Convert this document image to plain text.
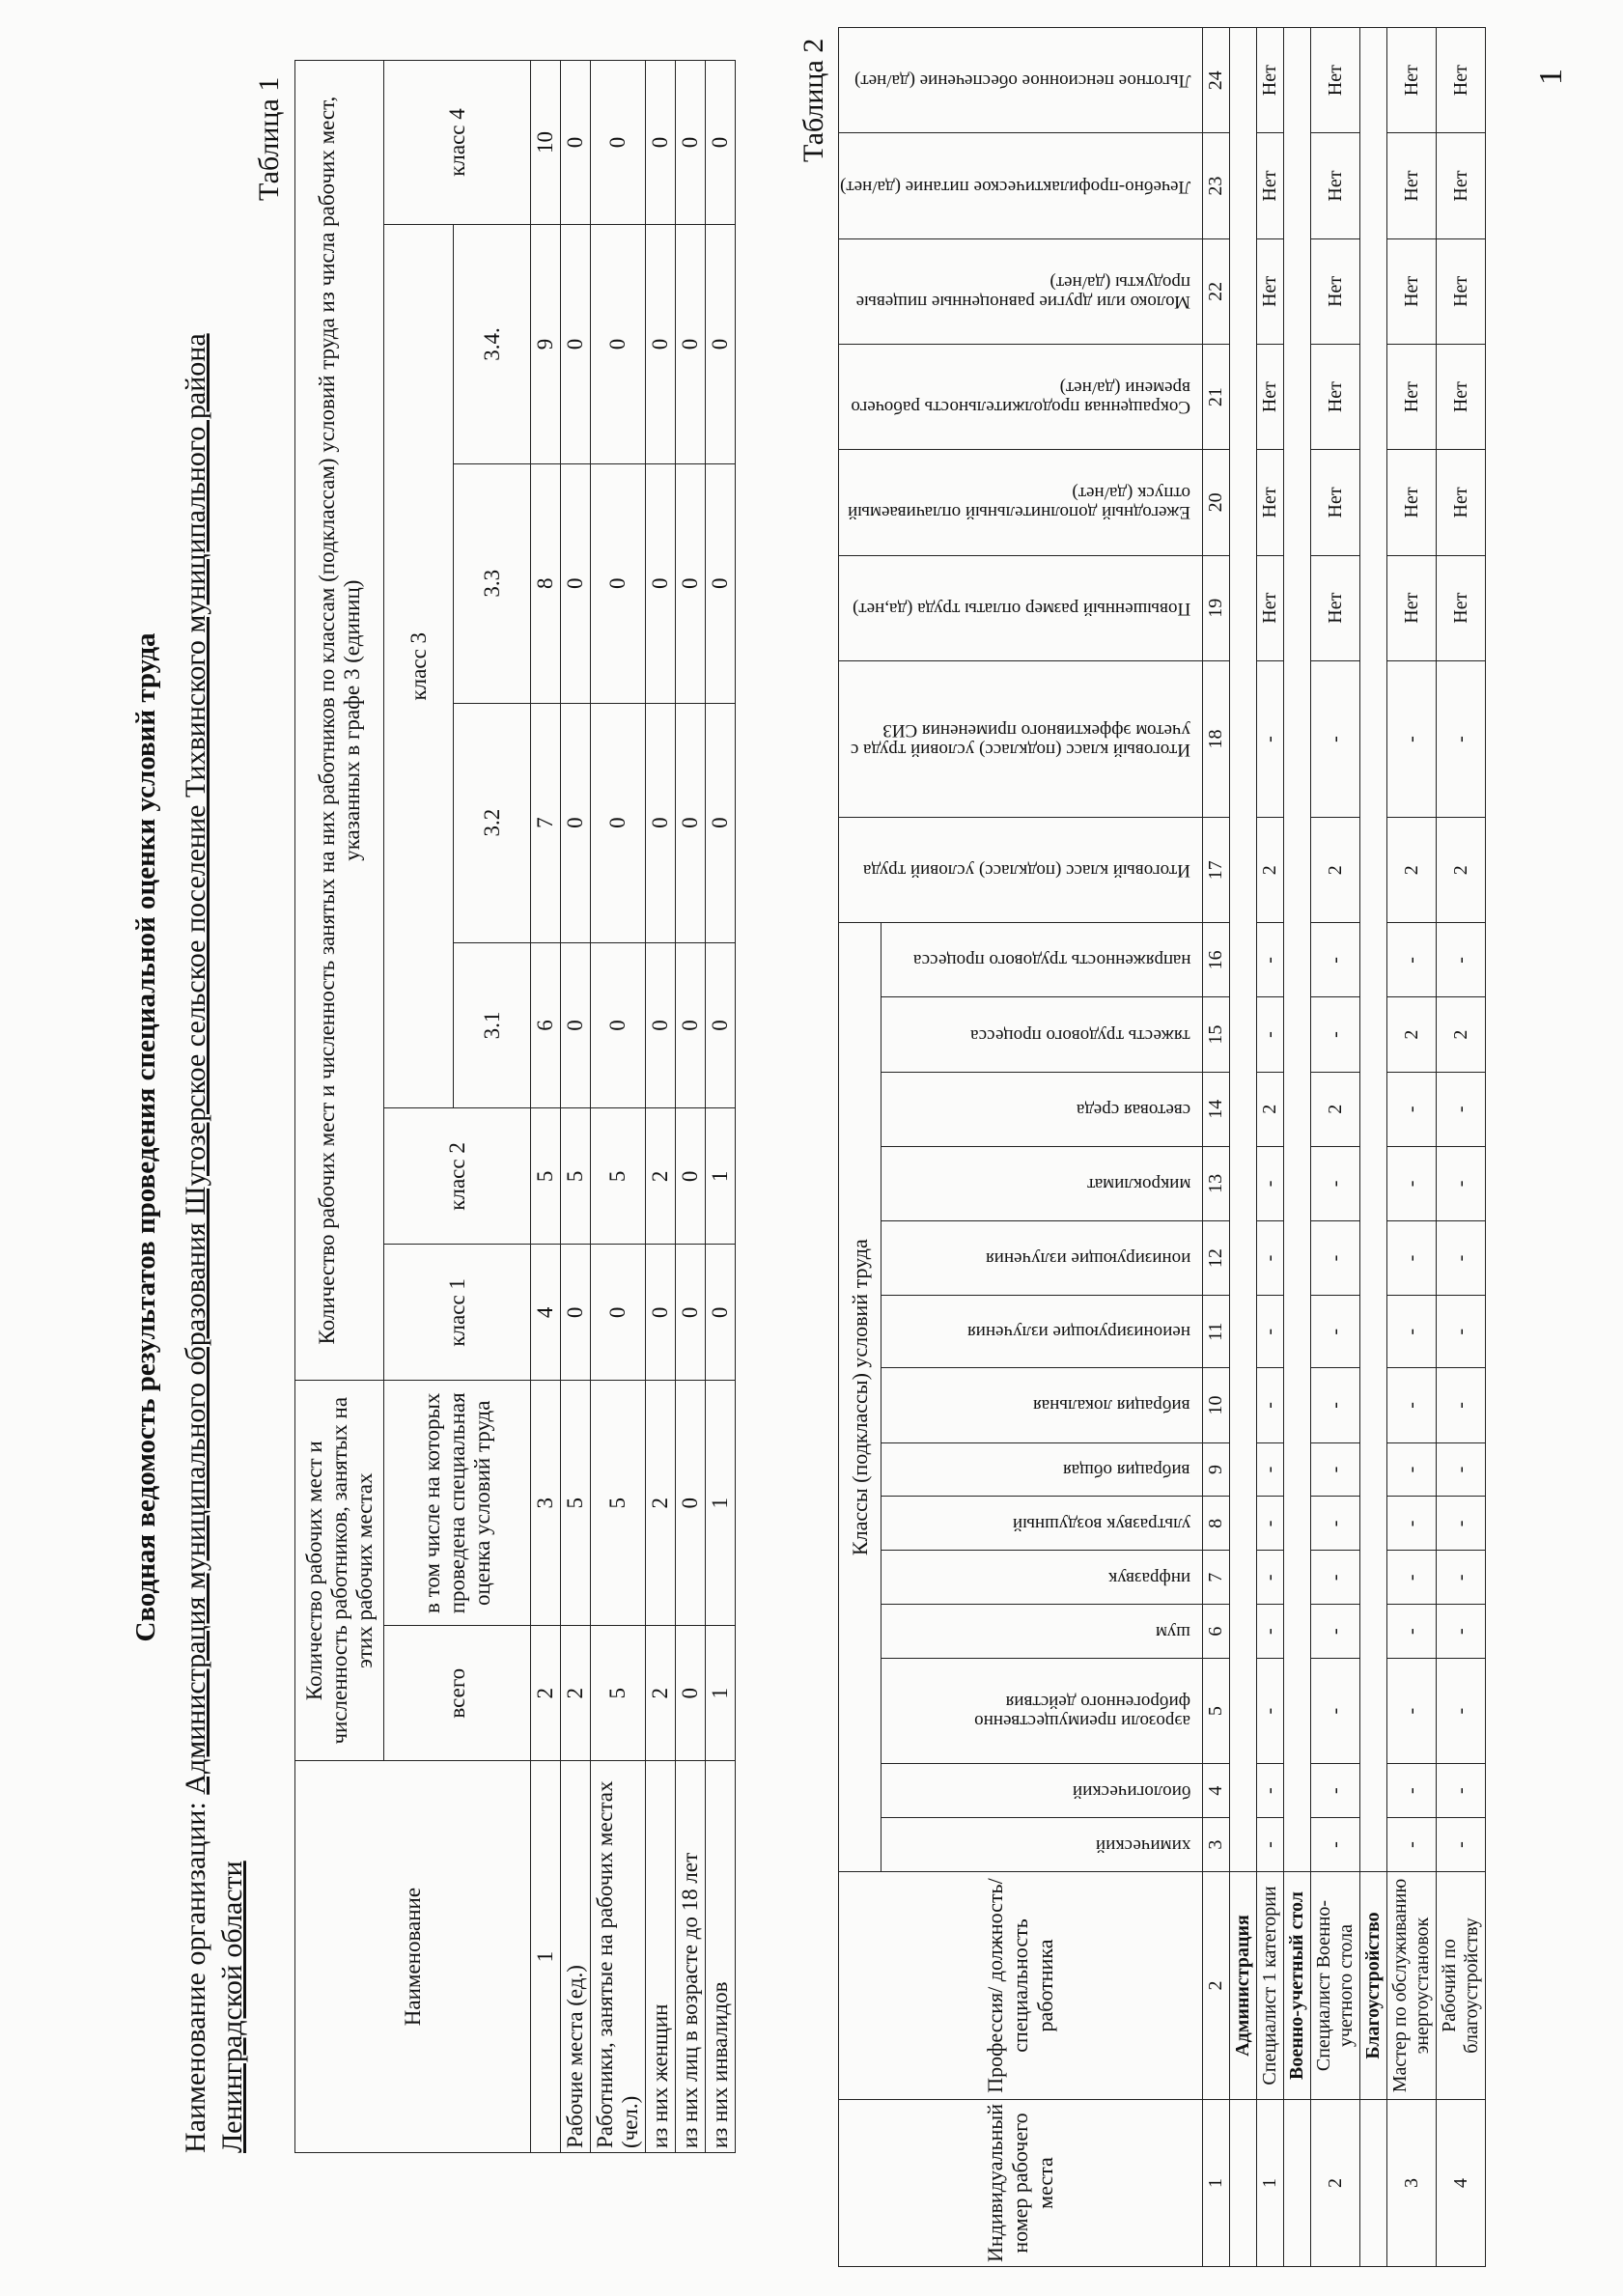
Сводная ведомость результатов проведения специальной оценки условий труда

Наименование организации: Администрация муниципального образования Шугозерское сельское поселение Тихвинского муниципального района
Ленинградской области

Таблица 1

Наименование	Количество рабочих мест и численность работников, занятых на этих рабочих местах		Количество рабочих мест и численность занятых на них работников по классам (подклассам) условий труда из числа рабочих мест, указанных в графе 3 (единиц)						
	всего	в том числе на которых проведена специальная оценка условий труда	класс 1	класс 2	класс 3				класс 4
					3.1	3.2	3.3	3.4.	
1	2	3	4	5	6	7	8	9	10
Рабочие места (ед.)	2	5	0	5	0	0	0	0	0
Работники, занятые на рабочих местах (чел.)	5	5	0	5	0	0	0	0	0
из них женщин	2	2	0	2	0	0	0	0	0
из них лиц в возрасте до 18 лет	0	0	0	0	0	0	0	0	0
из них инвалидов	1	1	0	1	0	0	0	0	0 Таблица 2

Индивидуальный номер рабочего места	Профессия/ должность/ специальность работника	Классы (подклассы) условий труда														Итоговый класс (подкласс) условий труда	Итоговый класс (подкласс) условий труда с учетом эффективного применения СИЗ	Повышенный размер оплаты труда (да,нет)	Ежегодный дополнительный оплачиваемый отпуск (да/нет)	Сокращенная продолжительность рабочего времени (да/нет)	Молоко или другие равноценные пищевые продукты (да/нет)	Лечебно-профилактическое питание (да/нет)	Льготное пенсионное обеспечение (да/нет)
		химический	биологический	аэрозоли преимущественно фиброгенного действия	шум	инфразвук	ультразвук воздушный	вибрация общая	вибрация локальная	неионизирующие излучения	ионизирующие излучения	микроклимат	световая среда	тяжесть трудового процесса	напряженность трудового процесса								
1	2	3	4	5	6	7	8	9	10	11	12	13	14	15	16	17	18	19	20	21	22	23	24
	Администрация																						
1	Специалист 1 категории	-	-	-	-	-	-	-	-	-	-	-	2	-	-	2	-	Нет	Нет	Нет	Нет	Нет	Нет
	Военно-учетный стол																						
2	Специалист Военно-учетного стола	-	-	-	-	-	-	-	-	-	-	-	2	-	-	2	-	Нет	Нет	Нет	Нет	Нет	Нет
	Благоустройство																						
3	Мастер по обслуживанию энергоустановок	-	-	-	-	-	-	-	-	-	-	-	-	2	-	2	-	Нет	Нет	Нет	Нет	Нет	Нет
4	Рабочий по благоустройству	-	-	-	-	-	-	-	-	-	-	-	-	2	-	2	-	Нет	Нет	Нет	Нет	Нет	Нет 1
